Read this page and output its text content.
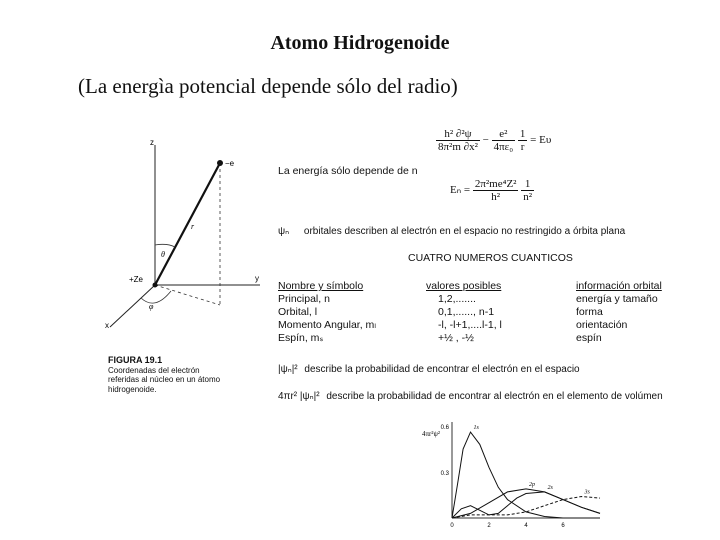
Atomo Hidrogenoide
(La energìa potencial depende sólo del radio)
z
y
x
+Ze
−e
r
θ
φ
FIGURA 19.1
Coordenadas del electrón referidas al núcleo en un átomo hidrogenoide.
$\frac{\text{h² ∂²ψ}}{\text{8π²m ∂x²}} - \frac{\text{e²}}{\text{4πε₀}}$
$\frac{1}{r} = E\upsilon$
La energía sólo depende de n
$E_n = \frac{\text{2π²me⁴Z²}}{\text{h²}}$
$\frac{1}{\text{n²}}$
ψₙ orbitales describen al electrón en el espacio no restringido a órbita plana
CUATRO NUMEROS CUANTICOS
Nombre y símbolo	valores posibles	información orbital
Principal, n	1,2,.......	energía y tamaño
Orbital, l	0,1,......, n-1	forma
Momento Angular, mₗ	-l, -l+1,....l-1, l	orientación
Espín, mₛ	+½ , -½	espín
|ψₙ|² describe la probabilidad de encontrar el electrón en el espacio
4πr² |ψₙ|² describe la probabilidad de encontrar al electrón en el elemento de volúmen
4πr²ψ²
0.6
0.3
0	2	4	6
1s
2s
2p
3s
